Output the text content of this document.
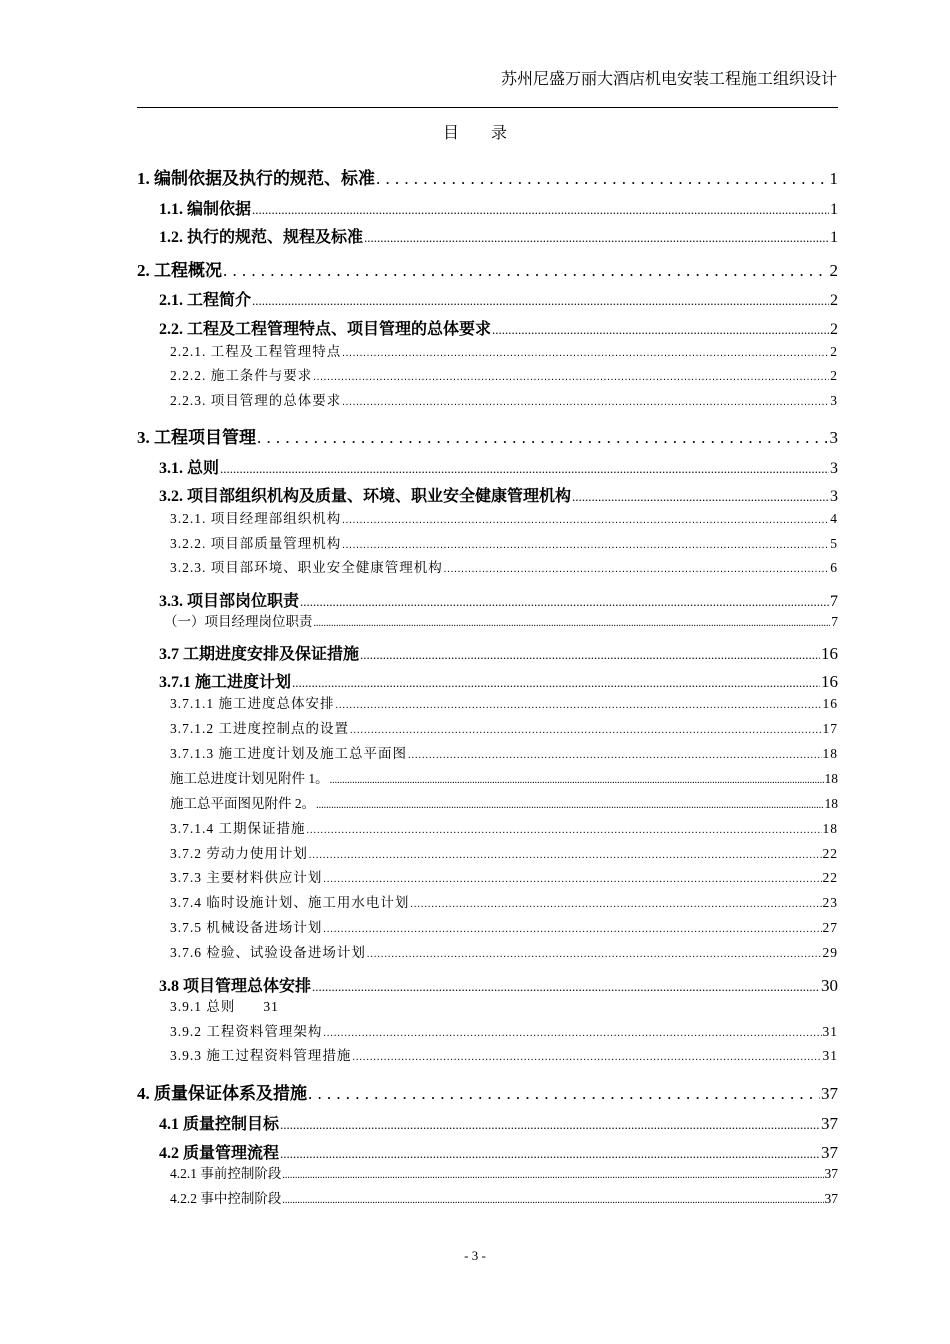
苏州尼盛万丽大酒店机电安装工程施工组织设计
目 录
1. 编制依据及执行的规范、标准 .....	1
1.1. 编制依据 .....	1
1.2. 执行的规范、规程及标准 .....	1
2. 工程概况 .....	2
2.1. 工程简介 .....	2
2.2. 工程及工程管理特点、项目管理的总体要求 .....	2
2.2.1. 工程及工程管理特点 .....	2
2.2.2. 施工条件与要求 .....	2
2.2.3. 项目管理的总体要求 .....	3
3. 工程项目管理 .....	3
3.1. 总则 .....	3
3.2. 项目部组织机构及质量、环境、职业安全健康管理机构 .....	3
3.2.1. 项目经理部组织机构 .....	4
3.2.2. 项目部质量管理机构 .....	5
3.2.3. 项目部环境、职业安全健康管理机构 .....	6
3.3. 项目部岗位职责 .....	7
（一）项目经理岗位职责 .....	7
3.7 工期进度安排及保证措施 .....	16
3.7.1 施工进度计划 .....	16
3.7.1.1 施工进度总体安排 .....	16
3.7.1.2 工进度控制点的设置 .....	17
3.7.1.3 施工进度计划及施工总平面图 .....	18
施工总进度计划见附件 1。 .....	18
施工总平面图见附件 2。 .....	18
3.7.1.4 工期保证措施 .....	18
3.7.2 劳动力使用计划 .....	22
3.7.3 主要材料供应计划 .....	22
3.7.4 临时设施计划、施工用水电计划 .....	23
3.7.5 机械设备进场计划 .....	27
3.7.6 检验、试验设备进场计划 .....	29
3.8 项目管理总体安排 .....	30
3.9.1 总则 31
3.9.2 工程资料管理架构 .....	31
3.9.3 施工过程资料管理措施 .....	31
4. 质量保证体系及措施 .....	37
4.1 质量控制目标 .....	37
4.2 质量管理流程 .....	37
4.2.1 事前控制阶段 .....	37
4.2.2 事中控制阶段 .....	37
- 3 -
